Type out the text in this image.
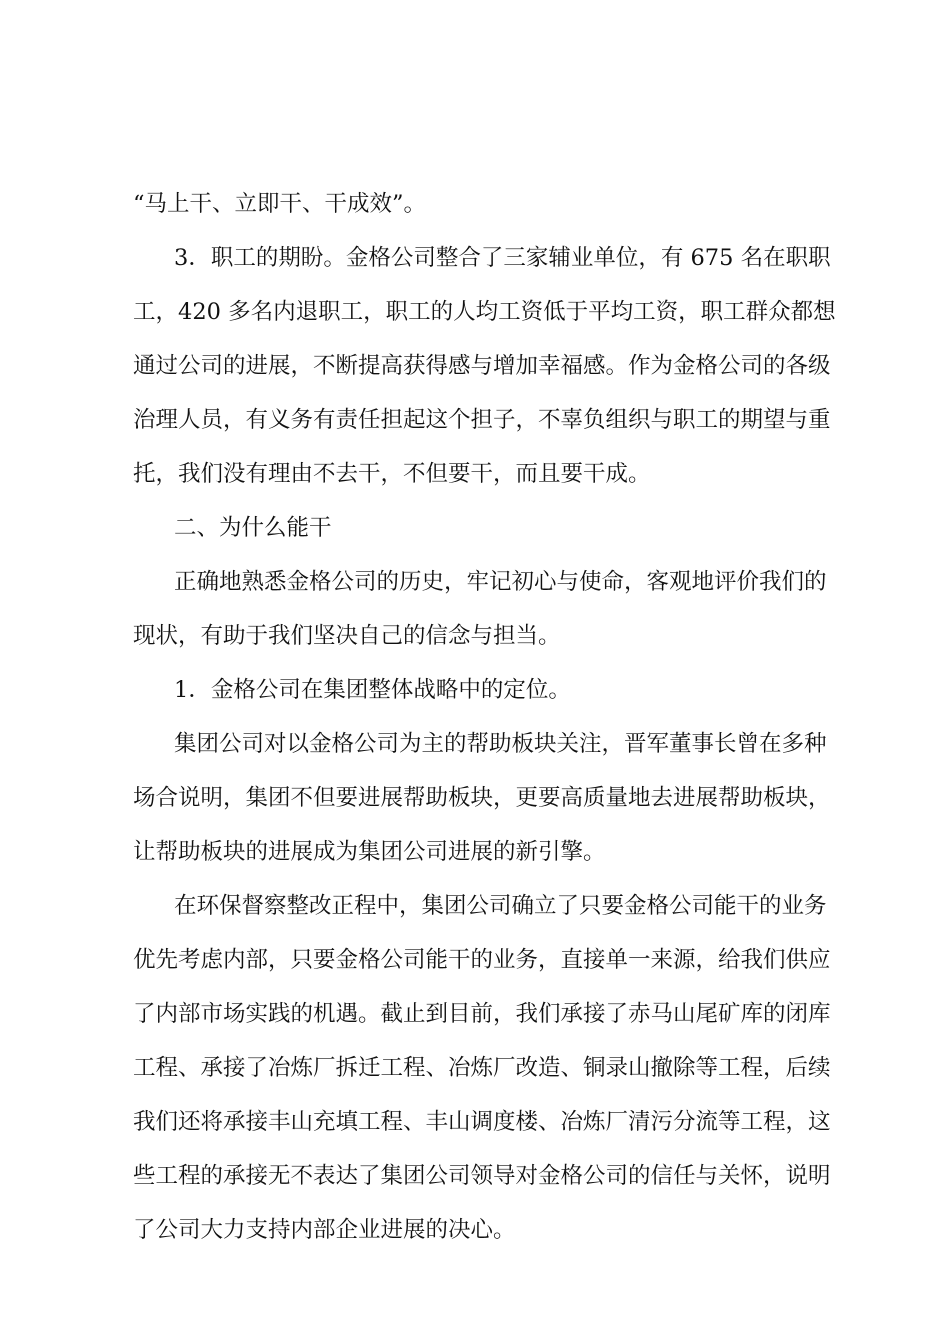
“马上干、立即干、干成效”。
3．职工的期盼。金格公司整合了三家辅业单位，有 675 名在职职
工，420 多名内退职工，职工的人均工资低于平均工资，职工群众都想
通过公司的进展，不断提高获得感与增加幸福感。作为金格公司的各级
治理人员，有义务有责任担起这个担子，不辜负组织与职工的期望与重
托，我们没有理由不去干，不但要干，而且要干成。
二、为什么能干
正确地熟悉金格公司的历史，牢记初心与使命，客观地评价我们的
现状，有助于我们坚决自己的信念与担当。
1．金格公司在集团整体战略中的定位。
集团公司对以金格公司为主的帮助板块关注，晋军董事长曾在多种
场合说明，集团不但要进展帮助板块，更要高质量地去进展帮助板块，
让帮助板块的进展成为集团公司进展的新引擎。
在环保督察整改正程中，集团公司确立了只要金格公司能干的业务
优先考虑内部，只要金格公司能干的业务，直接单一来源，给我们供应
了内部市场实践的机遇。截止到目前，我们承接了赤马山尾矿库的闭库
工程、承接了冶炼厂拆迁工程、冶炼厂改造、铜录山撤除等工程，后续
我们还将承接丰山充填工程、丰山调度楼、冶炼厂清污分流等工程，这
些工程的承接无不表达了集团公司领导对金格公司的信任与关怀，说明
了公司大力支持内部企业进展的决心。
